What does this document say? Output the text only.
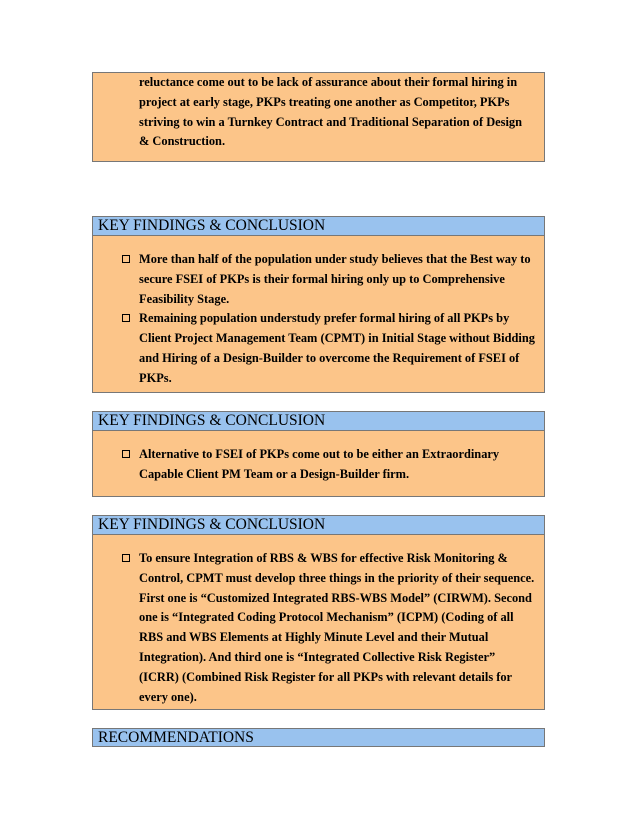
reluctance come out to be lack of assurance about their formal hiring in
project at early stage, PKPs treating one another as Competitor, PKPs
striving to win a Turnkey Contract and Traditional Separation of Design
& Construction.
KEY FINDINGS & CONCLUSION
More than half of the population under study believes that the Best way to
secure FSEI of PKPs is their formal hiring only up to Comprehensive
Feasibility Stage.
Remaining population understudy prefer formal hiring of all PKPs by
Client Project Management Team (CPMT) in Initial Stage without Bidding
and Hiring of a Design-Builder to overcome the Requirement of FSEI of
PKPs.
KEY FINDINGS & CONCLUSION
Alternative to FSEI of PKPs come out to be either an Extraordinary
Capable Client PM Team or a Design-Builder firm.
KEY FINDINGS & CONCLUSION
To ensure Integration of RBS & WBS for effective Risk Monitoring &
Control, CPMT must develop three things in the priority of their sequence.
First one is “Customized Integrated RBS-WBS Model” (CIRWM). Second
one is “Integrated Coding Protocol Mechanism” (ICPM) (Coding of all
RBS and WBS Elements at Highly Minute Level and their Mutual
Integration). And third one is “Integrated Collective Risk Register”
(ICRR) (Combined Risk Register for all PKPs with relevant details for
every one).
RECOMMENDATIONS
